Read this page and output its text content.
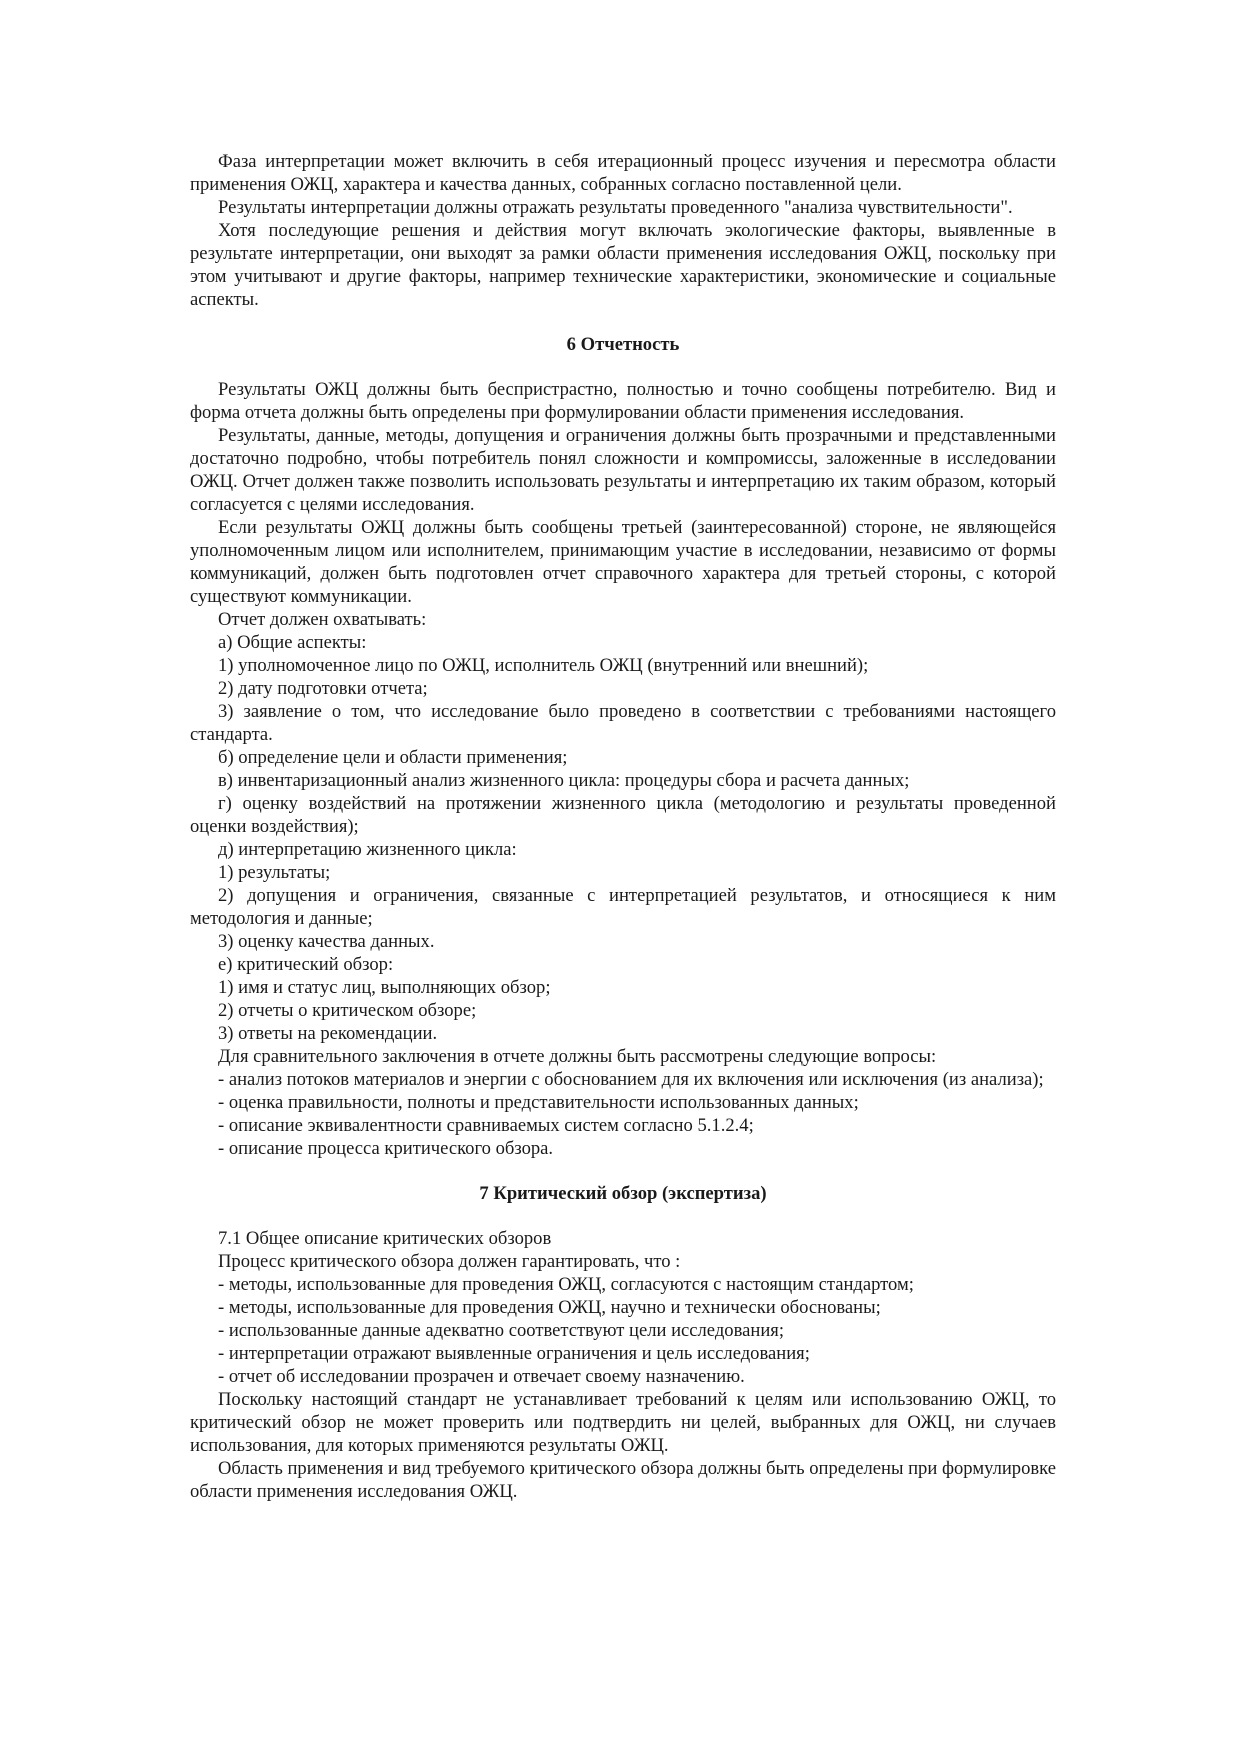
Фаза интерпретации может включить в себя итерационный процесс изучения и пересмотра области применения ОЖЦ, характера и качества данных, собранных согласно поставленной цели.

Результаты интерпретации должны отражать результаты проведенного "анализа чувствительности".

Хотя последующие решения и действия могут включать экологические факторы, выявленные в результате интерпретации, они выходят за рамки области применения исследования ОЖЦ, поскольку при этом учитывают и другие факторы, например технические характеристики, экономические и социальные аспекты.

6 Отчетность

Результаты ОЖЦ должны быть беспристрастно, полностью и точно сообщены потребителю. Вид и форма отчета должны быть определены при формулировании области применения исследования.

Результаты, данные, методы, допущения и ограничения должны быть прозрачными и представленными достаточно подробно, чтобы потребитель понял сложности и компромиссы, заложенные в исследовании ОЖЦ. Отчет должен также позволить использовать результаты и интерпретацию их таким образом, который согласуется с целями исследования.

Если результаты ОЖЦ должны быть сообщены третьей (заинтересованной) стороне, не являющейся уполномоченным лицом или исполнителем, принимающим участие в исследовании, независимо от формы коммуникаций, должен быть подготовлен отчет справочного характера для третьей стороны, с которой существуют коммуникации.

Отчет должен охватывать:

а) Общие аспекты:

1) уполномоченное лицо по ОЖЦ, исполнитель ОЖЦ (внутренний или внешний);

2) дату подготовки отчета;

3) заявление о том, что исследование было проведено в соответствии с требованиями настоящего стандарта.

б) определение цели и области применения;

в) инвентаризационный анализ жизненного цикла: процедуры сбора и расчета данных;

г) оценку воздействий на протяжении жизненного цикла (методологию и результаты проведенной оценки воздействия);

д) интерпретацию жизненного цикла:

1) результаты;

2) допущения и ограничения, связанные с интерпретацией результатов, и относящиеся к ним методология и данные;

3) оценку качества данных.

е) критический обзор:

1) имя и статус лиц, выполняющих обзор;

2) отчеты о критическом обзоре;

3) ответы на рекомендации.

Для сравнительного заключения в отчете должны быть рассмотрены следующие вопросы:

- анализ потоков материалов и энергии с обоснованием для их включения или исключения (из анализа);

- оценка правильности, полноты и представительности использованных данных;

- описание эквивалентности сравниваемых систем согласно 5.1.2.4;

- описание процесса критического обзора.

7 Критический обзор (экспертиза)

7.1 Общее описание критических обзоров

Процесс критического обзора должен гарантировать, что :

- методы, использованные для проведения ОЖЦ, согласуются с настоящим стандартом;

- методы, использованные для проведения ОЖЦ, научно и технически обоснованы;

- использованные данные адекватно соответствуют цели исследования;

- интерпретации отражают выявленные ограничения и цель исследования;

- отчет об исследовании прозрачен и отвечает своему назначению.

Поскольку настоящий стандарт не устанавливает требований к целям или использованию ОЖЦ, то критический обзор не может проверить или подтвердить ни целей, выбранных для ОЖЦ, ни случаев использования, для которых применяются результаты ОЖЦ.

Область применения и вид требуемого критического обзора должны быть определены при формулировке области применения исследования ОЖЦ.
